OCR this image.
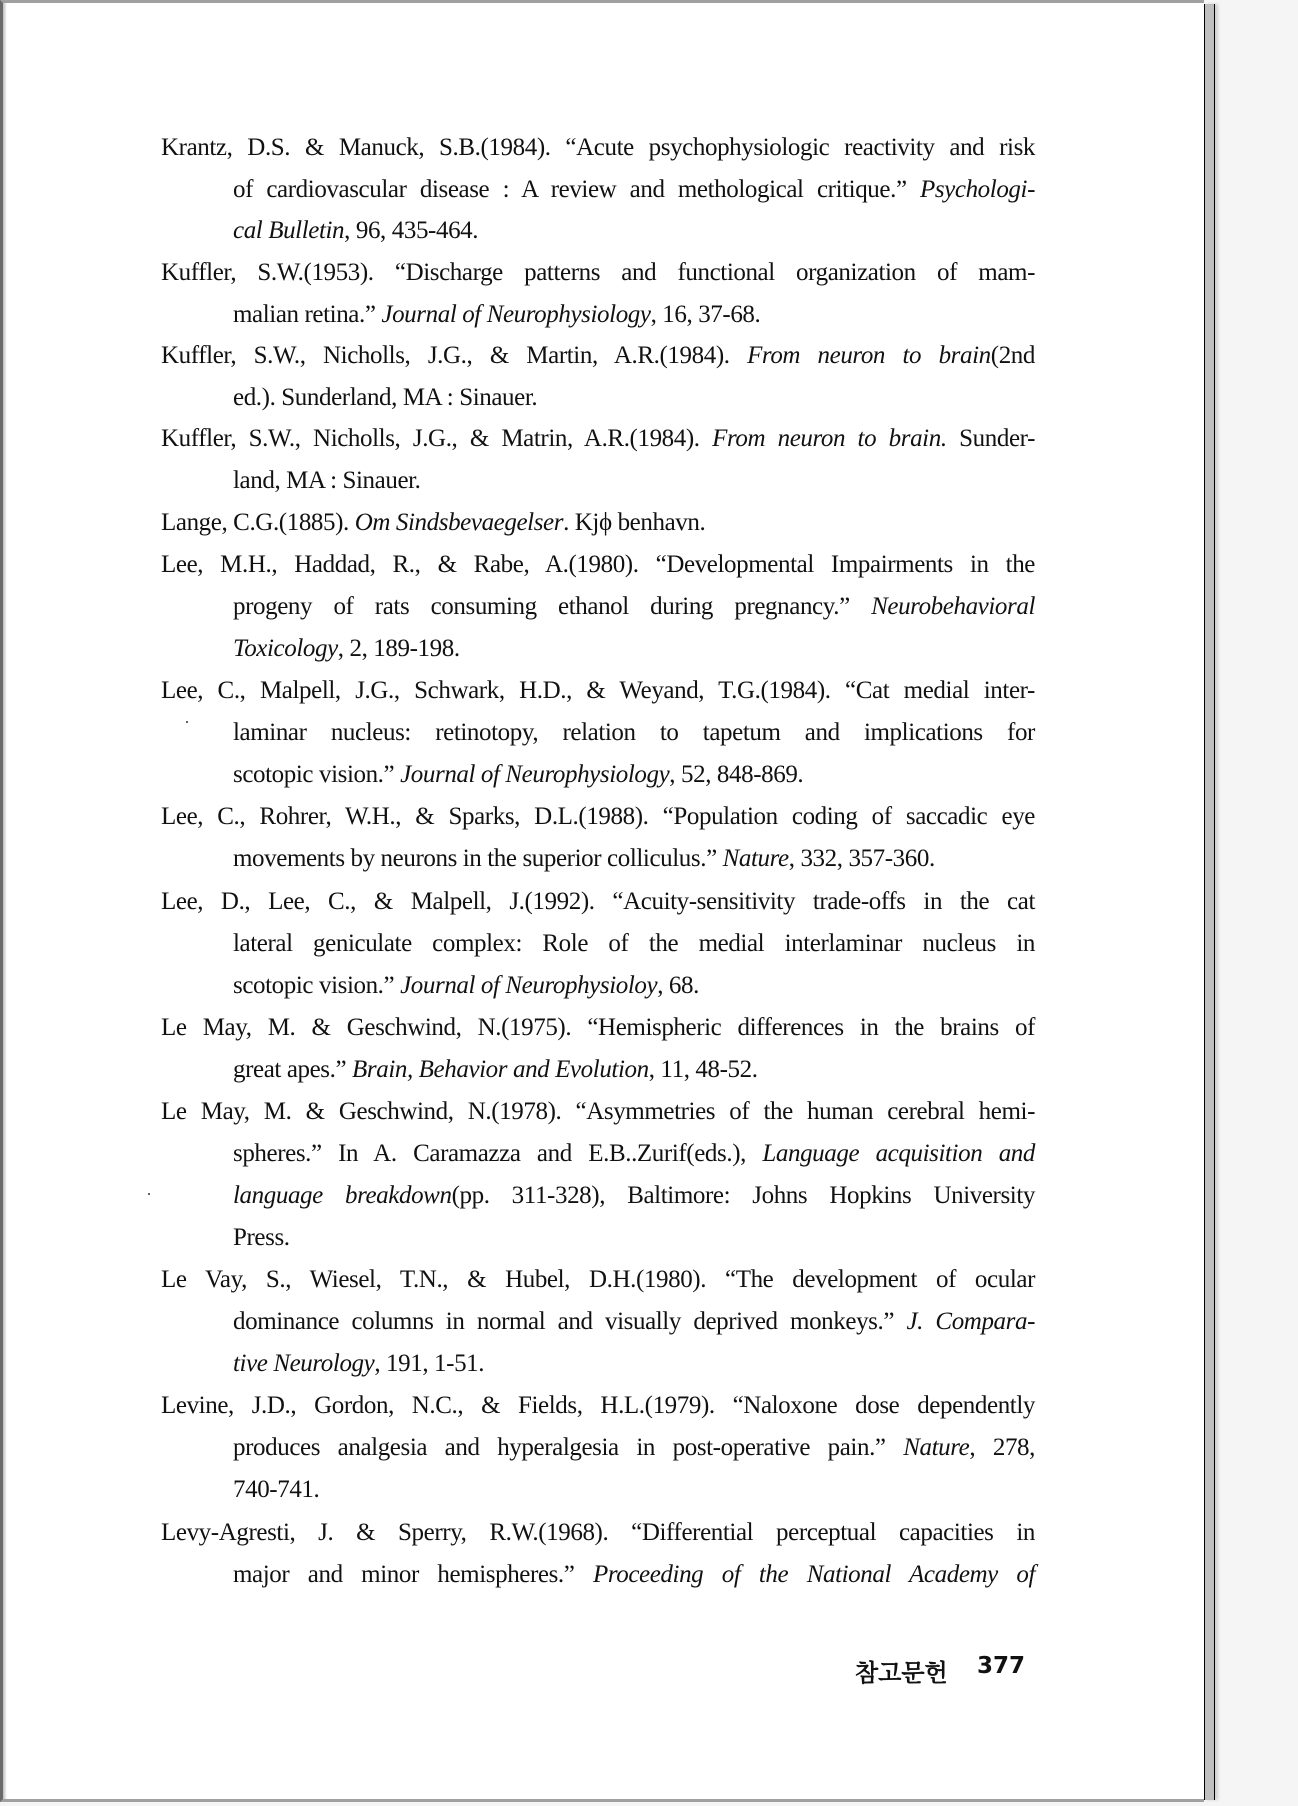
Krantz, D.S. & Manuck, S.B.(1984). “Acute psychophysiologic reactivity and risk
of cardiovascular disease : A review and methological critique.” Psychologi-
cal Bulletin, 96, 435-464.
Kuffler, S.W.(1953). “Discharge patterns and functional organization of mam-
malian retina.” Journal of Neurophysiology, 16, 37-68.
Kuffler, S.W., Nicholls, J.G., & Martin, A.R.(1984). From neuron to brain(2nd
ed.). Sunderland, MA : Sinauer.
Kuffler, S.W., Nicholls, J.G., & Matrin, A.R.(1984). From neuron to brain. Sunder-
land, MA : Sinauer.
Lange, C.G.(1885). Om Sindsbevaegelser. Kjϕ benhavn.
Lee, M.H., Haddad, R., & Rabe, A.(1980). “Developmental Impairments in the
progeny of rats consuming ethanol during pregnancy.” Neurobehavioral
Toxicology, 2, 189-198.
Lee, C., Malpell, J.G., Schwark, H.D., & Weyand, T.G.(1984). “Cat medial inter-
laminar nucleus: retinotopy, relation to tapetum and implications for
scotopic vision.” Journal of Neurophysiology, 52, 848-869.
Lee, C., Rohrer, W.H., & Sparks, D.L.(1988). “Population coding of saccadic eye
movements by neurons in the superior colliculus.” Nature, 332, 357-360.
Lee, D., Lee, C., & Malpell, J.(1992). “Acuity-sensitivity trade-offs in the cat
lateral geniculate complex: Role of the medial interlaminar nucleus in
scotopic vision.” Journal of Neurophysioloy, 68.
Le May, M. & Geschwind, N.(1975). “Hemispheric differences in the brains of
great apes.” Brain, Behavior and Evolution, 11, 48-52.
Le May, M. & Geschwind, N.(1978). “Asymmetries of the human cerebral hemi-
spheres.” In A. Caramazza and E.B..Zurif(eds.), Language acquisition and
language breakdown(pp. 311-328), Baltimore: Johns Hopkins University
Press.
Le Vay, S., Wiesel, T.N., & Hubel, D.H.(1980). “The development of ocular
dominance columns in normal and visually deprived monkeys.” J. Compara-
tive Neurology, 191, 1-51.
Levine, J.D., Gordon, N.C., & Fields, H.L.(1979). “Naloxone dose dependently
produces analgesia and hyperalgesia in post-operative pain.” Nature, 278,
740-741.
Levy-Agresti, J. & Sperry, R.W.(1968). “Differential perceptual capacities in
major and minor hemispheres.” Proceeding of the National Academy of
참고문헌 377
